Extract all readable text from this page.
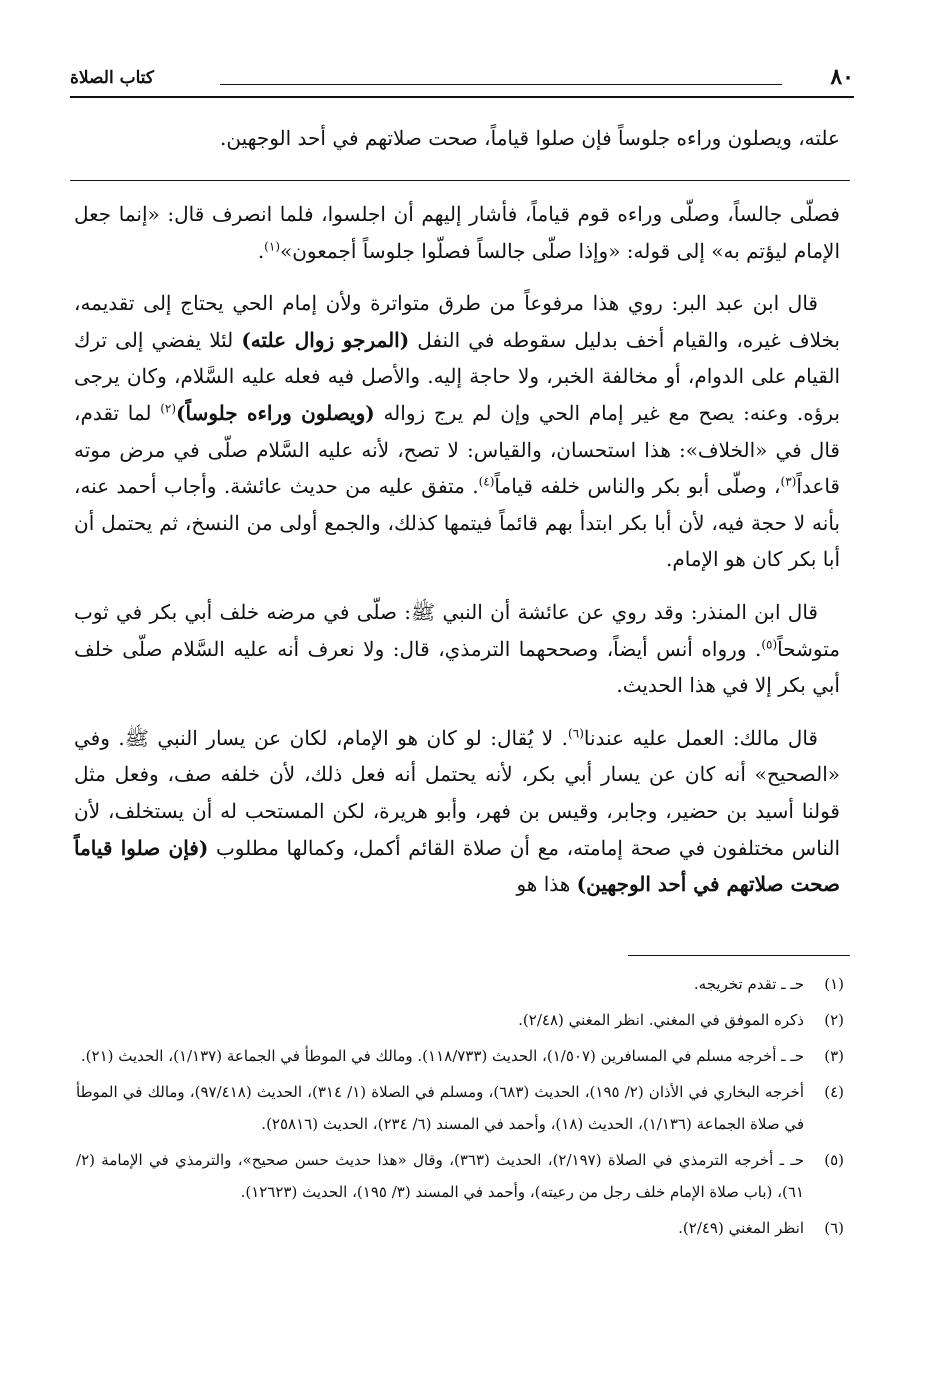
٨٠
كتاب الصلاة

علته، ويصلون وراءه جلوساً فإن صلوا قياماً، صحت صلاتهم في أحد الوجهين.

فصلّى جالساً، وصلّى وراءه قوم قياماً، فأشار إليهم أن اجلسوا، فلما انصرف قال: «إنما جعل الإمام ليؤتم به» إلى قوله: «وإذا صلّى جالساً فصلّوا جلوساً أجمعون»$^{(١)}$.

قال ابن عبد البر: روي هذا مرفوعاً من طرق متواترة ولأن إمام الحي يحتاج إلى تقديمه، بخلاف غيره، والقيام أخف بدليل سقوطه في النفل (المرجو زوال علته) لئلا يفضي إلى ترك القيام على الدوام، أو مخالفة الخبر، ولا حاجة إليه. والأصل فيه فعله عليه السَّلام، وكان يرجى برؤه. وعنه: يصح مع غير إمام الحي وإن لم يرج زواله (ويصلون وراءه جلوساً)$^{(٢)}$ لما تقدم، قال في «الخلاف»: هذا استحسان، والقياس: لا تصح، لأنه عليه السَّلام صلّى في مرض موته قاعداً$^{(٣)}$، وصلّى أبو بكر والناس خلفه قياماً$^{(٤)}$. متفق عليه من حديث عائشة. وأجاب أحمد عنه، بأنه لا حجة فيه، لأن أبا بكر ابتدأ بهم قائماً فيتمها كذلك، والجمع أولى من النسخ، ثم يحتمل أن أبا بكر كان هو الإمام.

قال ابن المنذر: وقد روي عن عائشة أن النبي ﷺ: صلّى في مرضه خلف أبي بكر في ثوب متوشحاً$^{(٥)}$. ورواه أنس أيضاً، وصححهما الترمذي، قال: ولا نعرف أنه عليه السَّلام صلّى خلف أبي بكر إلا في هذا الحديث.

قال مالك: العمل عليه عندنا$^{(٦)}$. لا يُقال: لو كان هو الإمام، لكان عن يسار النبي ﷺ. وفي «الصحيح» أنه كان عن يسار أبي بكر، لأنه يحتمل أنه فعل ذلك، لأن خلفه صف، وفعل مثل قولنا أسيد بن حضير، وجابر، وقيس بن فهر، وأبو هريرة، لكن المستحب له أن يستخلف، لأن الناس مختلفون في صحة إمامته، مع أن صلاة القائم أكمل، وكمالها مطلوب (فإن صلوا قياماً صحت صلاتهم في أحد الوجهين) هذا هو

(١)
حـ ـ تقدم تخريجه.
(٢)
ذكره الموفق في المغني. انظر المغني (٢/٤٨).
(٣)
حـ ـ أخرجه مسلم في المسافرين (١/٥٠٧)، الحديث (١١٨/٧٣٣). ومالك في الموطأ في الجماعة (١/١٣٧)، الحديث (٢١).
(٤)
أخرجه البخاري في الأذان (٢/ ١٩٥)، الحديث (٦٨٣)، ومسلم في الصلاة (١/ ٣١٤)، الحديث (٩٧/٤١٨)، ومالك في الموطأ في صلاة الجماعة (١/١٣٦)، الحديث (١٨)، وأحمد في المسند (٦/ ٢٣٤)، الحديث (٢٥٨١٦).
(٥)
حـ ـ أخرجه الترمذي في الصلاة (٢/١٩٧)، الحديث (٣٦٣)، وقال «هذا حديث حسن صحيح»، والترمذي في الإمامة (٢/ ٦١)، (باب صلاة الإمام خلف رجل من رعيته)، وأحمد في المسند (٣/ ١٩٥)، الحديث (١٢٦٢٣).
(٦)
انظر المغني (٢/٤٩).
